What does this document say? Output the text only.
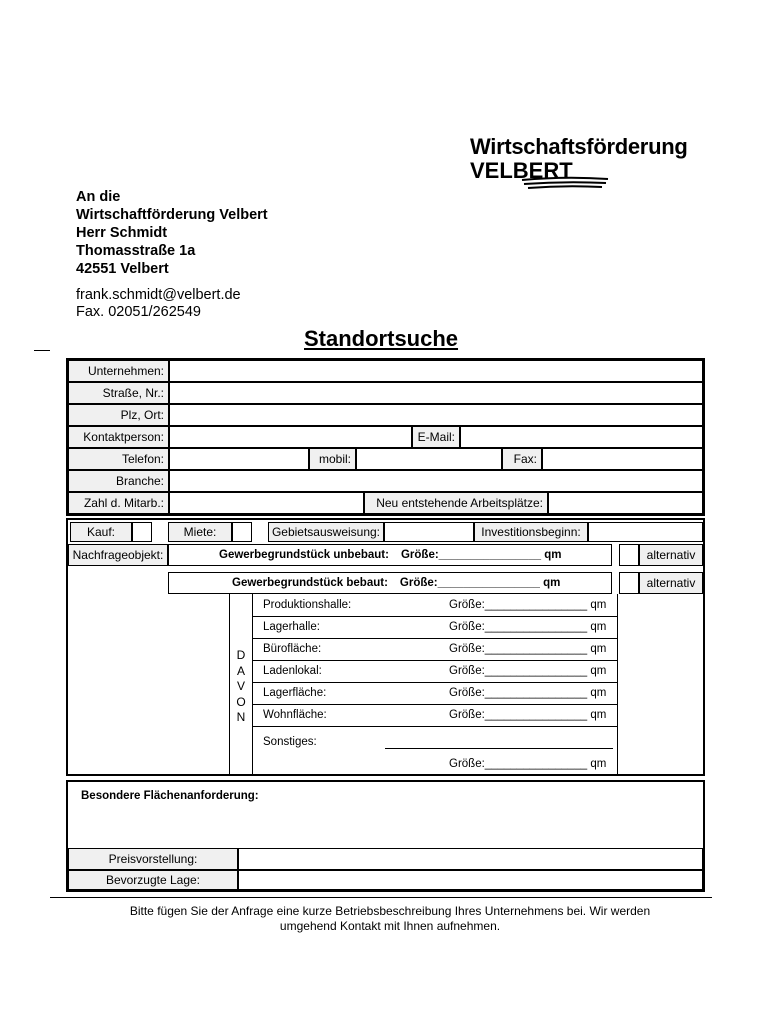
Wirtschaftsförderung
VELBERT
An die
Wirtschaftförderung Velbert
Herr Schmidt
Thomasstraße 1a
42551 Velbert
frank.schmidt@velbert.de
Fax. 02051/262549
Standortsuche
Unternehmen:
Straße, Nr.:
Plz, Ort:
Kontaktperson:	E-Mail:
Telefon:	mobil:	Fax:
Branche:
Zahl d. Mitarb.:	Neu entstehende Arbeitsplätze:
Kauf:	Miete:	Gebietsausweisung:	Investitionsbeginn:
Nachfrageobjekt:	Gewerbegrundstück unbebaut: Größe:________________ qm	alternativ
Gewerbegrundstück bebaut: Größe:________________ qm	alternativ
D
A
V
O
N
Produktionshalle:	Größe:________________ qm
Lagerhalle:	Größe:________________ qm
Bürofläche:	Größe:________________ qm
Ladenlokal:	Größe:________________ qm
Lagerfläche:	Größe:________________ qm
Wohnfläche:	Größe:________________ qm
Sonstiges:
Größe:________________ qm
Besondere Flächenanforderung:
Preisvorstellung:
Bevorzugte Lage:
Bitte fügen Sie der Anfrage eine kurze Betriebsbeschreibung Ihres Unternehmens bei. Wir werden umgehend Kontakt mit Ihnen aufnehmen.
